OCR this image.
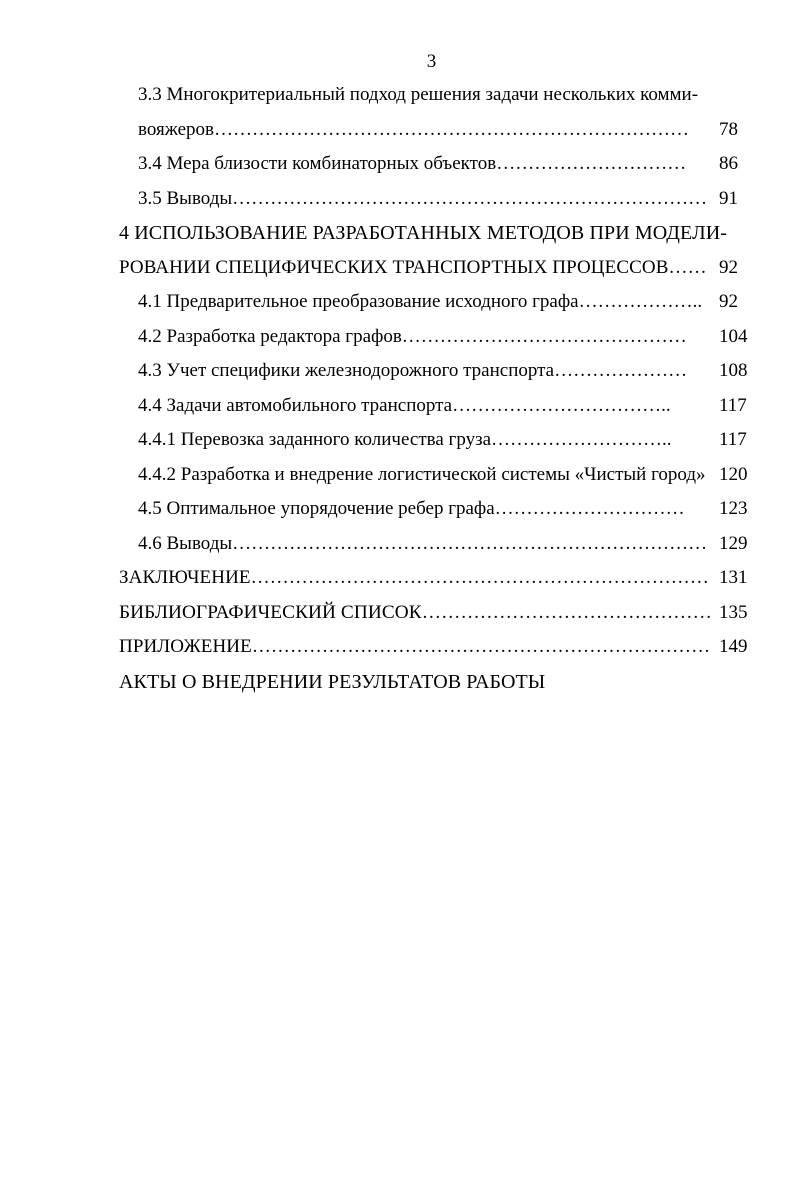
3
3.3 Многокритериальный подход решения задачи нескольких комми-
вояжеров………………………………………………………………… 78
3.4 Мера близости комбинаторных объектов………………………… 86
3.5 Выводы………………………………………………………………… 91
4 ИСПОЛЬЗОВАНИЕ РАЗРАБОТАННЫХ МЕТОДОВ ПРИ МОДЕЛИ-
РОВАНИИ СПЕЦИФИЧЕСКИХ ТРАНСПОРТНЫХ ПРОЦЕССОВ…… 92
4.1 Предварительное преобразование исходного графа……………….. 92
4.2 Разработка редактора графов……………………………………… 104
4.3 Учет специфики железнодорожного транспорта………………… 108
4.4 Задачи автомобильного транспорта……………………………..	117
4.4.1 Перевозка заданного количества груза……………………….. 117
4.4.2 Разработка и внедрение логистической системы «Чистый город» 120
4.5 Оптимальное упорядочение ребер графа………………………… 123
4.6 Выводы………………………………………………………………… 129
ЗАКЛЮЧЕНИЕ……………………………………………………………… 131
БИБЛИОГРАФИЧЕСКИЙ СПИСОК……………………………………… 135
ПРИЛОЖЕНИЕ……………………………………………………………… 149
АКТЫ О ВНЕДРЕНИИ РЕЗУЛЬТАТОВ РАБОТЫ
